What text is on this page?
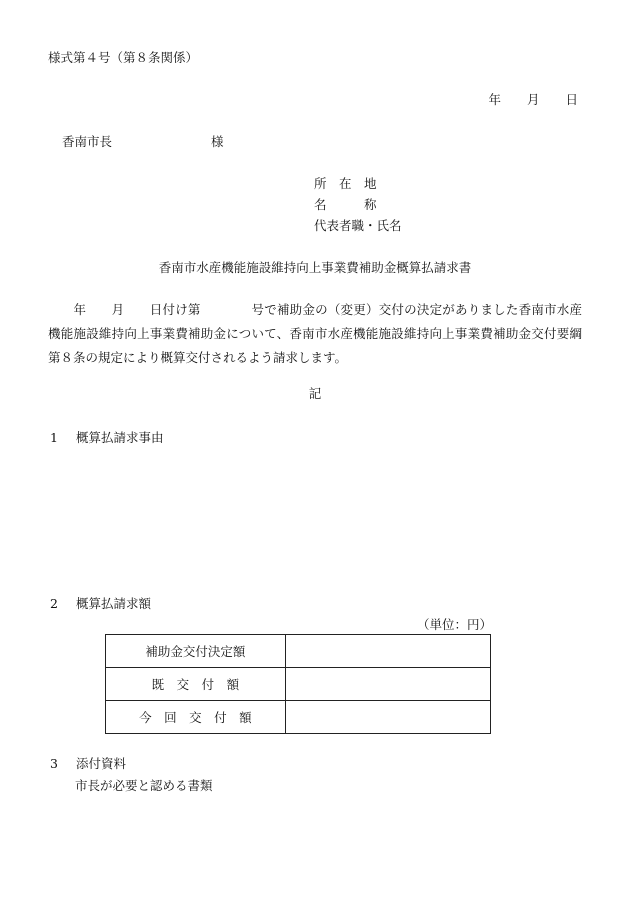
様式第４号（第８条関係）
年 月 日
香南市長	様
所　在　地
名　　　称
代表者職・氏名
香南市水産機能施設維持向上事業費補助金概算払請求書
　　年　　月　　日付け第　　　　号で補助金の（変更）交付の決定がありました香南市水産機能施設維持向上事業費補助金について、香南市水産機能施設維持向上事業費補助金交付要綱第８条の規定により概算交付されるよう請求します。
記
1 概算払請求事由
2 概算払請求額
（単位：円）
補助金交付決定額	
既　交　付　額	
今　回　交　付　額	
3 添付資料
市長が必要と認める書類
